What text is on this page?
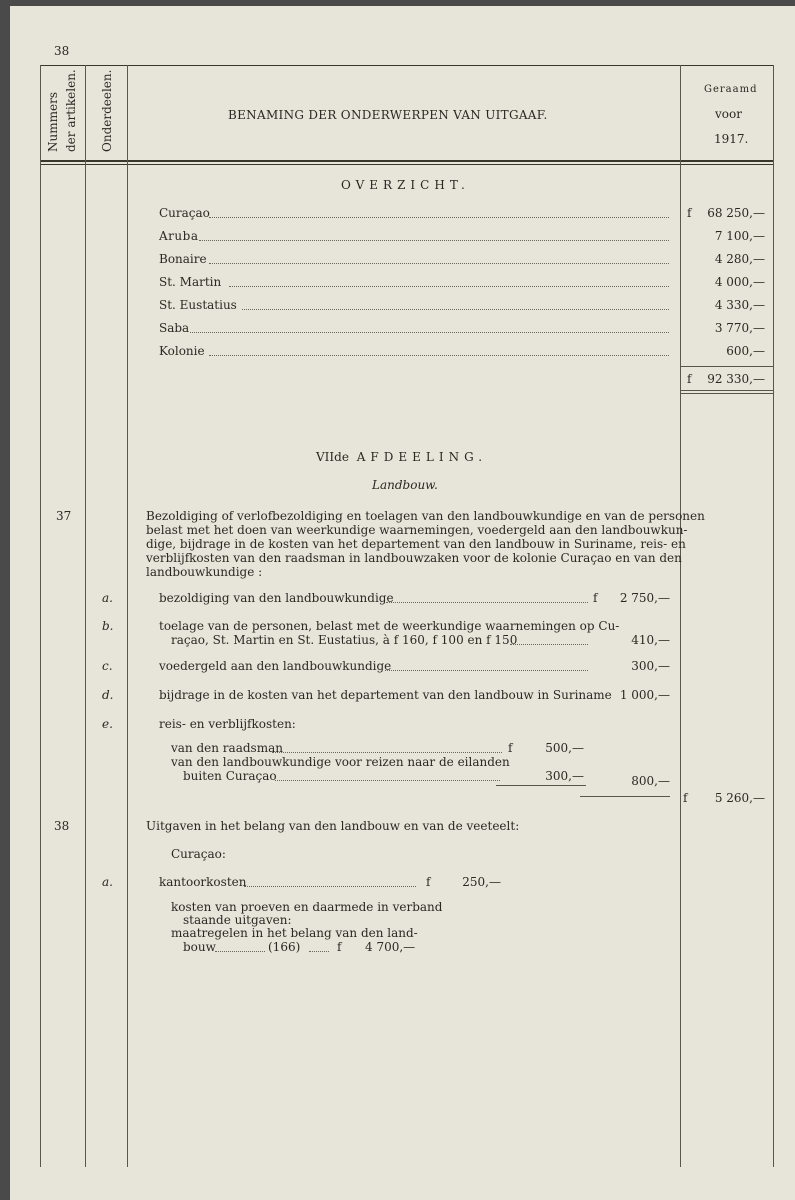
38
Nummers der artikelen. Onderdeelen.	BENAMING DER ONDERWERPEN VAN UITGAAF.
Geraamd
voor
1917.
OVERZICHT.
Curaçao	f 68 250,—
Aruba	7 100,—
Bonaire	4 280,—
St. Martin	4 000,—
St. Eustatius	4 330,—
Saba	3 770,—
Kolonie	600,—
f 92 330,—
VIIde AFDEELING.
Landbouw.
37	Bezoldiging of verlofbezoldiging en toelagen van den landbouwkundige en van de personen
belast met het doen van weerkundige waarnemingen, voedergeld aan den landbouwkun-
dige, bijdrage in de kosten van het departement van den landbouw in Suriname, reis- en
verblijfkosten van den raadsman in landbouwzaken voor de kolonie Curaçao en van den
landbouwkundige :
a.	bezoldiging van den landbouwkundige	f 2 750,—
b.	toelage van de personen, belast met de weerkundige waarnemingen op Cu-
raçao, St. Martin en St. Eustatius, à f 160, f 100 en f 150	410,—
c.	voedergeld aan den landbouwkundige	300,—
d.	bijdrage in de kosten van het departement van den landbouw in Suriname 1 000,—
e.	reis- en verblijfkosten:
van den raadsman	f	500,—
van den landbouwkundige voor reizen naar de eilanden
buiten Curaçao	300,—	800,—
f 5 260,—
38	Uitgaven in het belang van den landbouw en van de veeteelt:
Curaçao:
a.	kantoorkosten	f	250,—
kosten van proeven en daarmede in verband
staande uitgaven:
maatregelen in het belang van den land-
bouw	(166)	f 4 700,—
